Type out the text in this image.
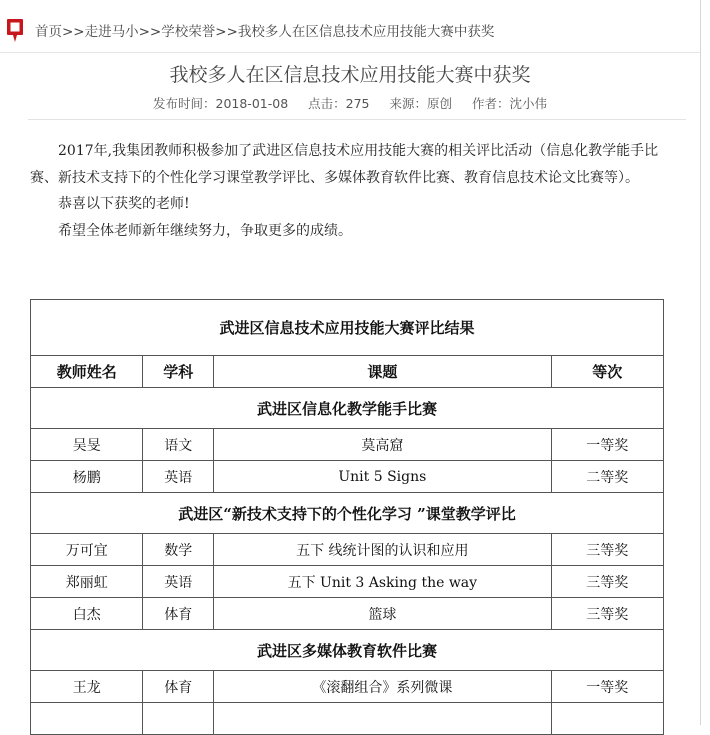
首页>>走进马小>>学校荣誉>>我校多人在区信息技术应用技能大赛中获奖
我校多人在区信息技术应用技能大赛中获奖
发布时间：2018-01-08 点击：275 来源：原创 作者：沈小伟

2017年,我集团教师积极参加了武进区信息技术应用技能大赛的相关评比活动（信息化教学能手比赛、新技术支持下的个性化学习课堂教学评比、多媒体教育软件比赛、教育信息技术论文比赛等）。

恭喜以下获奖的老师!

希望全体老师新年继续努力，争取更多的成绩。

武进区信息技术应用技能大赛评比结果			
教师姓名	学科	课题	等次
武进区信息化教学能手比赛			
吴旻	语文	莫高窟	一等奖
杨鹏	英语	Unit 5 Signs	二等奖
武进区“新技术支持下的个性化学习 ”课堂教学评比			
万可宜	数学	五下 线统计图的认识和应用	三等奖
郑丽虹	英语	五下 Unit 3 Asking the way	三等奖
白杰	体育	篮球	三等奖
武进区多媒体教育软件比赛			
王龙	体育	《滚翻组合》系列微课	一等奖
